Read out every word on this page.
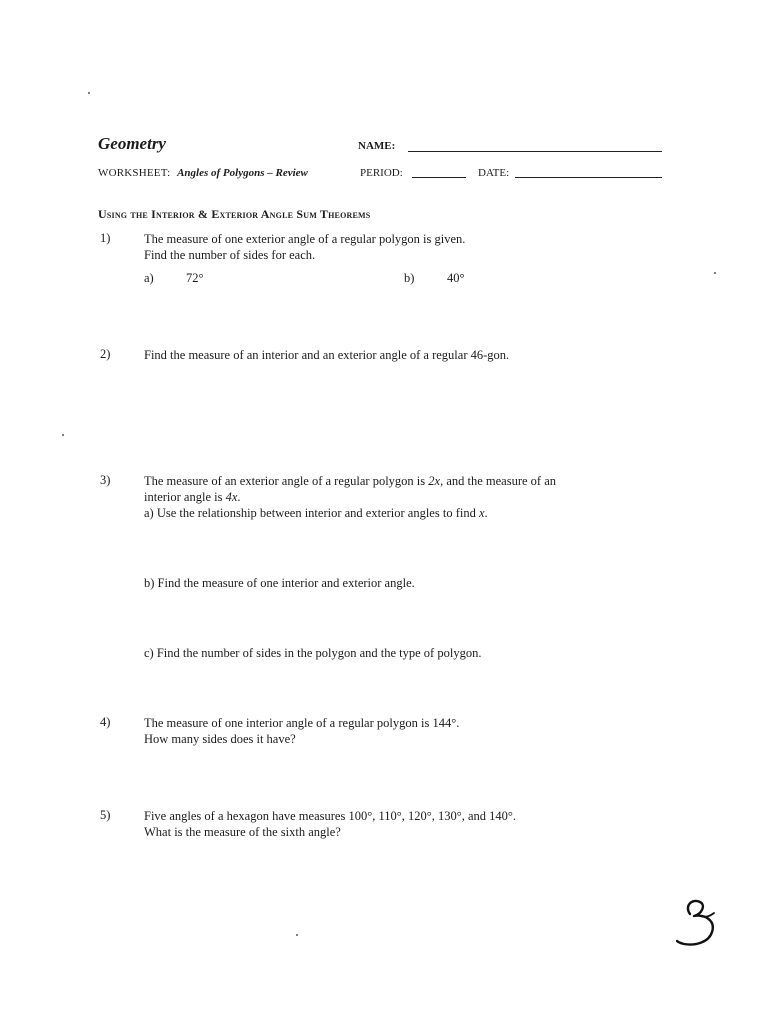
Geometry	NAME:
WORKSHEET: Angles of Polygons – Review	PERIOD:	DATE:
Using the Interior & Exterior Angle Sum Theorems
1)	The measure of one exterior angle of a regular polygon is given.
Find the number of sides for each.
a)	72°	b)	40°
2)	Find the measure of an interior and an exterior angle of a regular 46-gon.
3)	The measure of an exterior angle of a regular polygon is 2x, and the measure of an
interior angle is 4x.
a) Use the relationship between interior and exterior angles to find x.
b) Find the measure of one interior and exterior angle.
c) Find the number of sides in the polygon and the type of polygon.
4)	The measure of one interior angle of a regular polygon is 144°.
How many sides does it have?
5)	Five angles of a hexagon have measures 100°, 110°, 120°, 130°, and 140°.
What is the measure of the sixth angle?
